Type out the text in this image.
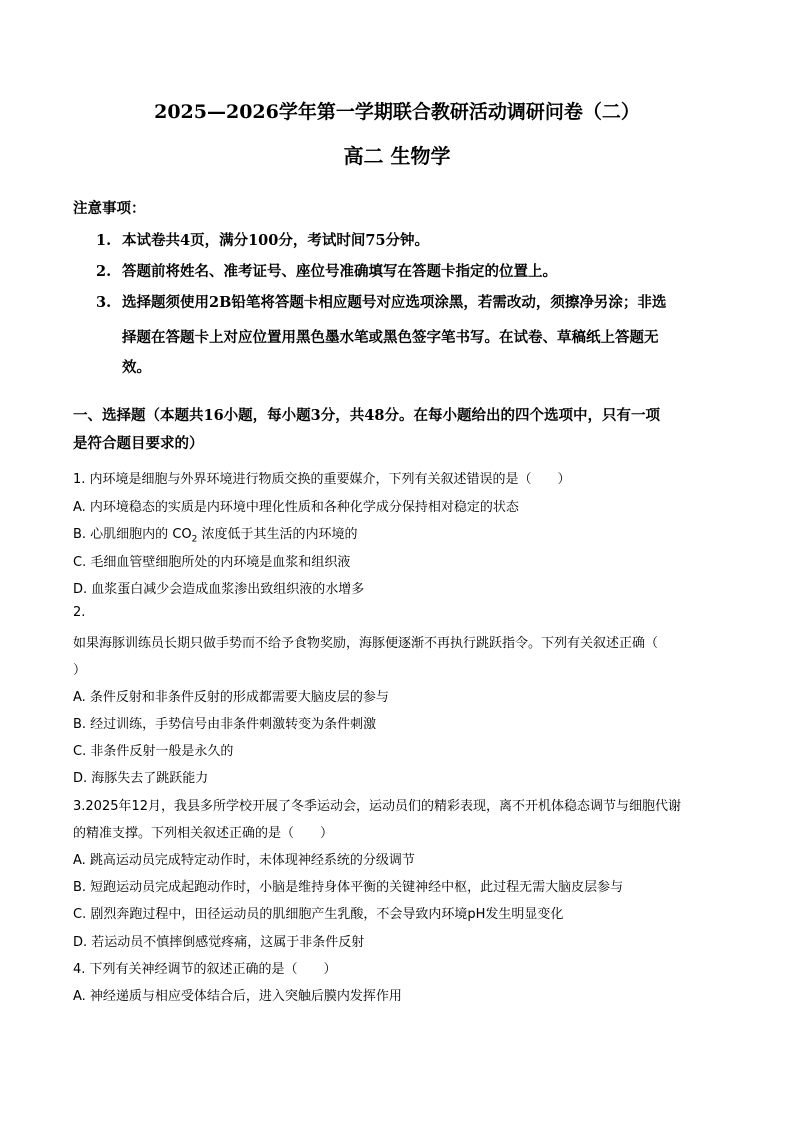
2025—2026学年第一学期联合教研活动调研问卷（二）
高二 生物学
注意事项：
1. 本试卷共4页，满分100分，考试时间75分钟。
2. 答题前将姓名、准考证号、座位号准确填写在答题卡指定的位置上。
3. 选择题须使用2B铅笔将答题卡相应题号对应选项涂黑，若需改动，须擦净另涂；非选
择题在答题卡上对应位置用黑色墨水笔或黑色签字笔书写。在试卷、草稿纸上答题无
效。
一、选择题（本题共16小题，每小题3分，共48分。在每小题给出的四个选项中，只有一项
是符合题目要求的）
1. 内环境是细胞与外界环境进行物质交换的重要媒介，下列有关叙述错误的是（　　）
A. 内环境稳态的实质是内环境中理化性质和各种化学成分保持相对稳定的状态
B. 心肌细胞内的 $CO_2$ 浓度低于其生活的内环境的
C. 毛细血管壁细胞所处的内环境是血浆和组织液
D. 血浆蛋白减少会造成血浆渗出致组织液的水增多
2.
如果海豚训练员长期只做手势而不给予食物奖励，海豚便逐渐不再执行跳跃指令。下列有关叙述正确（
）
A. 条件反射和非条件反射的形成都需要大脑皮层的参与
B. 经过训练，手势信号由非条件刺激转变为条件刺激
C. 非条件反射一般是永久的
D. 海豚失去了跳跃能力
3.2025年12月，我县多所学校开展了冬季运动会，运动员们的精彩表现，离不开机体稳态调节与细胞代谢
的精准支撑。下列相关叙述正确的是（　　）
A. 跳高运动员完成特定动作时，未体现神经系统的分级调节
B. 短跑运动员完成起跑动作时，小脑是维持身体平衡的关键神经中枢，此过程无需大脑皮层参与
C. 剧烈奔跑过程中，田径运动员的肌细胞产生乳酸，不会导致内环境pH发生明显变化
D. 若运动员不慎摔倒感觉疼痛，这属于非条件反射
4. 下列有关神经调节的叙述正确的是（　　）
A. 神经递质与相应受体结合后，进入突触后膜内发挥作用
